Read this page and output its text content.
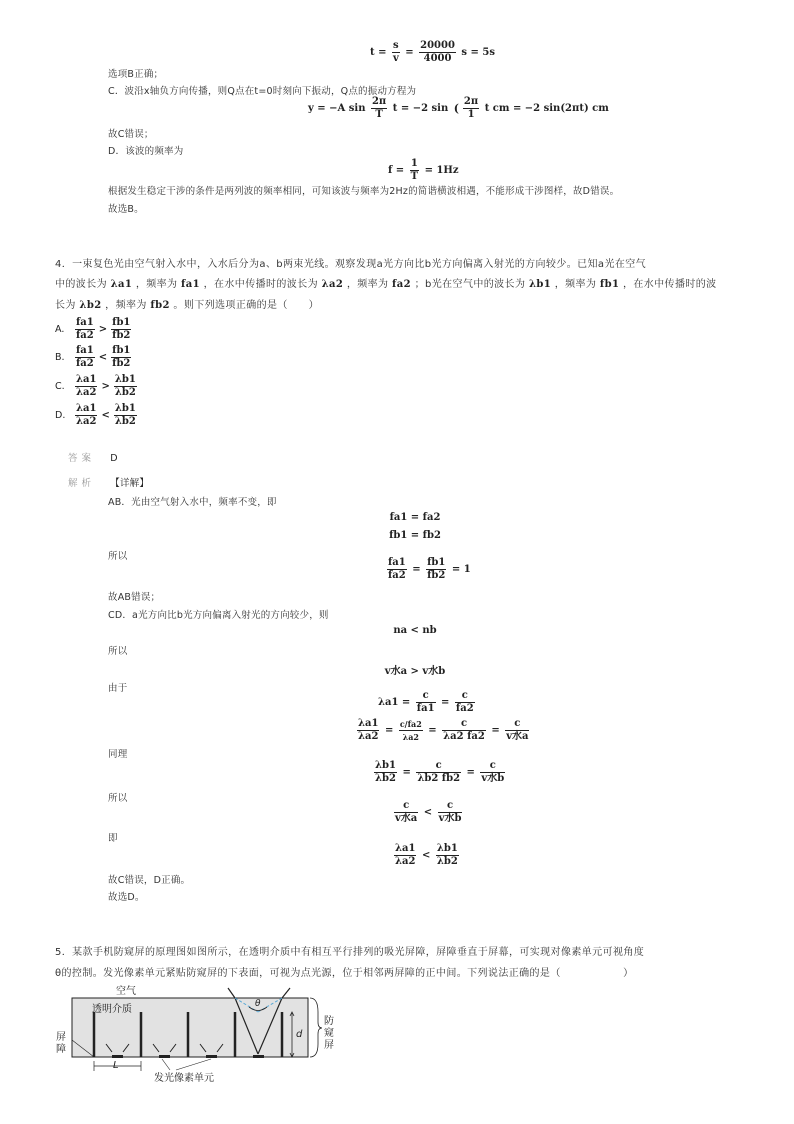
$t = \frac{s}{v} = \frac{20000}{4000}$ s = 5s
选项B正确；
C．波沿x轴负方向传播，则Q点在t=0时刻向下振动，Q点的振动方程为
y = −A $\sin \frac{2\pi}{T}$ t = −2 sin ( $\frac{2\pi}{1}$ t cm = −2 sin(2πt) cm
故C错误；
D．该波的频率为
$f = \frac{1}{T} = 1Hz$
根据发生稳定干涉的条件是两列波的频率相同，可知该波与频率为2Hz的简谐横波相遇，不能形成干涉图样，故D错误。
故选B。
4．一束复色光由空气射入水中，入水后分为a、b两束光线。观察发现a光方向比b光方向偏离入射光的方向较少。已知a光在空气
中的波长为 λa1 ，频率为 fa1 ，在水中传播时的波长为 λa2 ，频率为 fa2 ；b光在空气中的波长为 λb1 ，频率为 fb1 ，在水中传播时的波
长为 λb2 ，频率为 fb2 。则下列选项正确的是（　　）
A. $\frac{fa1}{fa2} > \frac{fb1}{fb2}$
B. $\frac{fa1}{fa2} < \frac{fb1}{fb2}$
C. $\frac{\lambda a1}{\lambda a2} > \frac{\lambda b1}{\lambda b2}$
D. $\frac{\lambda a1}{\lambda a2} < \frac{\lambda b1}{\lambda b2}$
答案 D
解析 【详解】
AB．光由空气射入水中，频率不变，即
fa1 = fa2
fb1 = fb2
所以
$\frac{fa1}{fa2} = \frac{fb1}{fb2} = 1$
故AB错误；
CD．a光方向比b光方向偏离入射光的方向较少，则
na < nb
所以
v水a > v水b
由于
$\lambda a1 = \frac{c}{fa1} = \frac{c}{fa2}$
$\frac{\lambda a1}{\lambda a2} = \frac{c/fa2}{\lambda a2} = \frac{c}{\lambda a2 fa2}$ =
c
v水a
同理
$\frac{\lambda b1}{\lambda b2} = \frac{c}{\lambda b2 fb2}$ =
c
v水b
所以
c
v水a
<
c
v水b
即
$\frac{\lambda a1}{\lambda a2} < \frac{\lambda b1}{\lambda b2}$
故C错误，D正确。
故选D。
5．某款手机防窥屏的原理图如图所示，在透明介质中有相互平行排列的吸光屏障，屏障垂直于屏幕，可实现对像素单元可视角度
θ的控制。发光像素单元紧贴防窥屏的下表面，可视为点光源，位于相邻两屏障的正中间。下列说法正确的是（　　　　　　）
空气
透明介质
屏
障
L
d
θ
发光像素单元
防
窥
屏
